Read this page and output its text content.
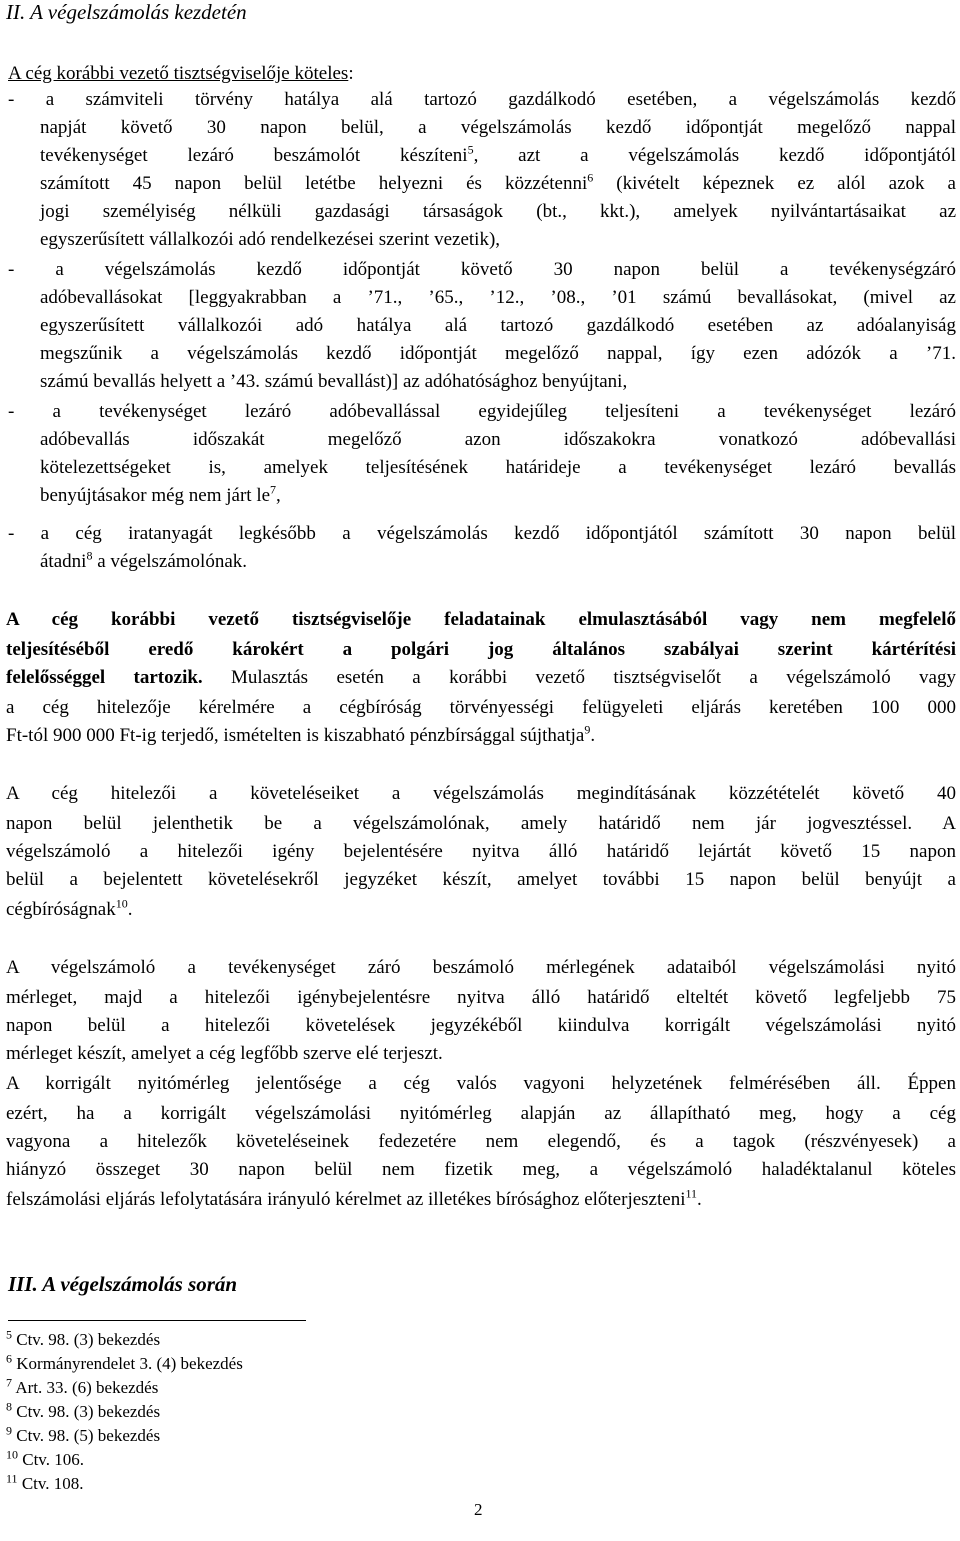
II. A végelszámolás kezdetén
A cég korábbi vezető tisztségviselője köteles:
- a számviteli törvény hatálya alá tartozó gazdálkodó esetében, a végelszámolás kezdő
napját követő 30 napon belül, a végelszámolás kezdő időpontját megelőző nappal
tevékenységet lezáró beszámolót készíteni$^5$, azt a végelszámolás kezdő időpontjától
számított 45 napon belül letétbe helyezni és közzétenni$^6$ (kivételt képeznek ez alól azok a
jogi személyiség nélküli gazdasági társaságok (bt., kkt.), amelyek nyilvántartásaikat az
egyszerűsített vállalkozói adó rendelkezései szerint vezetik),
- a végelszámolás kezdő időpontját követő 30 napon belül a tevékenységzáró
adóbevallásokat [leggyakrabban a ’71., ’65., ’12., ’08., ’01 számú bevallásokat, (mivel az
egyszerűsített vállalkozói adó hatálya alá tartozó gazdálkodó esetében az adóalanyiság
megszűnik a végelszámolás kezdő időpontját megelőző nappal, így ezen adózók a ’71.
számú bevallás helyett a ’43. számú bevallást)] az adóhatósághoz benyújtani,
- a tevékenységet lezáró adóbevallással egyidejűleg teljesíteni a tevékenységet lezáró
adóbevallás időszakát megelőző azon időszakokra vonatkozó adóbevallási
kötelezettségeket is, amelyek teljesítésének határideje a tevékenységet lezáró bevallás
benyújtásakor még nem járt $le^7$,
- a cég iratanyagát legkésőbb a végelszámolás kezdő időpontjától számított 30 napon belül
átadni$^8$ a végelszámolónak.
A cég korábbi vezető tisztségviselője feladatainak elmulasztásából vagy nem megfelelő
teljesítéséből eredő károkért a polgári jog általános szabályai szerint kártérítési
felelősséggel tartozik. Mulasztás esetén a korábbi vezető tisztségviselőt a végelszámoló vagy
a cég hitelezője kérelmére a cégbíróság törvényességi felügyeleti eljárás keretében 100 000
Ft-tól 900 000 Ft-ig terjedő, ismételten is kiszabható pénzbírsággal sújthatja$^9$.
A cég hitelezői a követeléseiket a végelszámolás megindításának közzétételét követő 40
napon belül jelenthetik be a végelszámolónak, amely határidő nem jár jogvesztéssel. A
végelszámoló a hitelezői igény bejelentésére nyitva álló határidő lejártát követő 15 napon
belül a bejelentett követelésekről jegyzéket készít, amelyet további 15 napon belül benyújt a
cégbíróságnak$^{10}$.
A végelszámoló a tevékenységet záró beszámoló mérlegének adataiból végelszámolási nyitó
mérleget, majd a hitelezői igénybejelentésre nyitva álló határidő elteltét követő legfeljebb 75
napon belül a hitelezői követelések jegyzékéből kiindulva korrigált végelszámolási nyitó
mérleget készít, amelyet a cég legfőbb szerve elé terjeszt.
A korrigált nyitómérleg jelentősége a cég valós vagyoni helyzetének felmérésében áll. Éppen
ezért, ha a korrigált végelszámolási nyitómérleg alapján az állapítható meg, hogy a cég
vagyona a hitelezők követeléseinek fedezetére nem elegendő, és a tagok (részvényesek) a
hiányzó összeget 30 napon belül nem fizetik meg, a végelszámoló haladéktalanul köteles
felszámolási eljárás lefolytatására irányuló kérelmet az illetékes bírósághoz előterjeszteni$^{11}$.
III. A végelszámolás során
$^5$ Ctv. 98. (3) bekezdés
$^6$ Kormányrendelet 3. (4) bekezdés
$^7$ Art. 33. (6) bekezdés
$^8$ Ctv. 98. (3) bekezdés
$^9$ Ctv. 98. (5) bekezdés
$^{10}$ Ctv. 106.
$^{11}$ Ctv. 108.
2
